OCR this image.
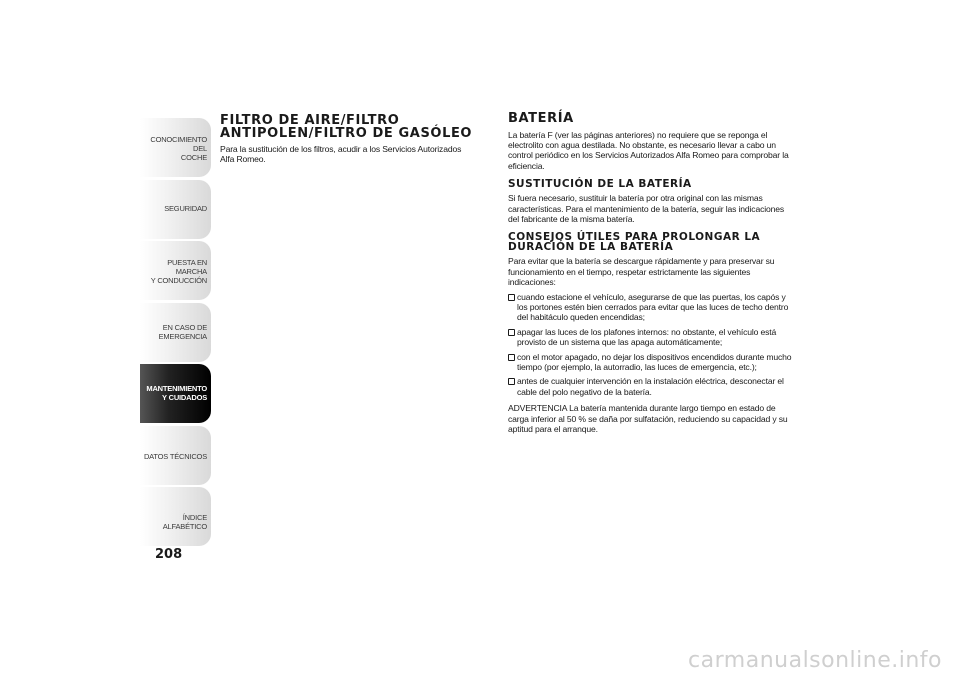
CONOCIMIENTO DEL
COCHE
SEGURIDAD
PUESTA EN MARCHA
Y CONDUCCIÓN
EN CASO DE
EMERGENCIA
MANTENIMIENTO
Y CUIDADOS
DATOS TÉCNICOS
ÍNDICE ALFABÉTICO
208
FILTRO DE AIRE/FILTRO ANTIPOLEN/FILTRO DE GASÓLEO

Para la sustitución de los filtros, acudir a los Servicios Autorizados Alfa Romeo.

BATERÍA

La batería F (ver las páginas anteriores) no requiere que se reponga el electrolito con agua destilada. No obstante, es necesario llevar a cabo un control periódico en los Servicios Autorizados Alfa Romeo para comprobar la eficiencia.

SUSTITUCIÓN DE LA BATERÍA

Si fuera necesario, sustituir la batería por otra original con las mismas características. Para el mantenimiento de la batería, seguir las indicaciones del fabricante de la misma batería.

CONSEJOS ÚTILES PARA PROLONGAR LA DURACIÓN DE LA BATERÍA

Para evitar que la batería se descargue rápidamente y para preservar su funcionamiento en el tiempo, respetar estrictamente las siguientes indicaciones:

cuando estacione el vehículo, asegurarse de que las puertas, los capós y los portones estén bien cerrados para evitar que las luces de techo dentro del habitáculo queden encendidas;
apagar las luces de los plafones internos: no obstante, el vehículo está provisto de un sistema que las apaga automáticamente;
con el motor apagado, no dejar los dispositivos encendidos durante mucho tiempo (por ejemplo, la autorradio, las luces de emergencia, etc.);
antes de cualquier intervención en la instalación eléctrica, desconectar el cable del polo negativo de la batería.

ADVERTENCIA La batería mantenida durante largo tiempo en estado de carga inferior al 50 % se daña por sulfatación, reduciendo su capacidad y su aptitud para el arranque.

carmanualsonline.info
